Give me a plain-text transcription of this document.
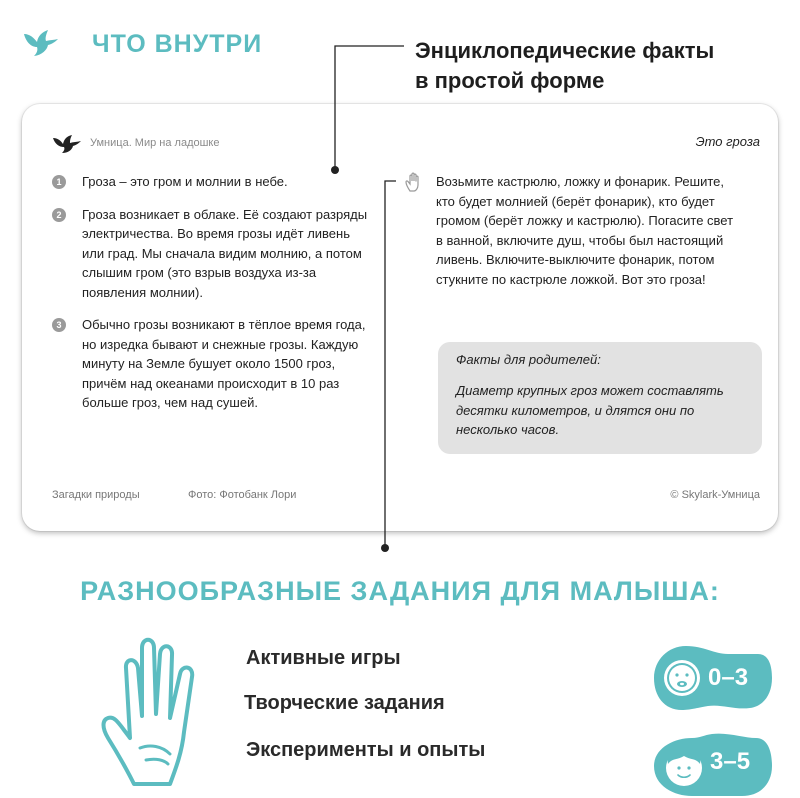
ЧТО ВНУТРИ	Энциклопедические факты
в простой форме
Умница. Мир на ладошке	Это гроза
1	Гроза – это гром и молнии в небе.
2	Гроза возникает в облаке. Её создают разряды электричества. Во время грозы идёт ливень или град. Мы сначала видим молнию, а потом слышим гром (это взрыв воздуха из-за появления молнии).
3	Обычно грозы возникают в тёплое время года, но изредка бывают и снежные грозы. Каждую минуту на Земле бушует около 1500 гроз, причём над океанами происходит в 10 раз больше гроз, чем над сушей.
Возьмите кастрюлю, ложку и фонарик. Решите, кто будет молнией (берёт фонарик), кто будет громом (берёт ложку и кастрюлю). Погасите свет в ванной, включите душ, чтобы был настоящий ливень. Включите-выключите фонарик, потом стукните по кастрюле ложкой. Вот это гроза!
Факты для родителей:
Диаметр крупных гроз может составлять десятки километров, и длятся они по несколько часов.
Загадки природы	Фото: Фотобанк Лори	© Skylark-Умница
РАЗНООБРАЗНЫЕ ЗАДАНИЯ ДЛЯ МАЛЫША:
Активные игры
Творческие задания
Эксперименты и опыты
0–3
3–5
